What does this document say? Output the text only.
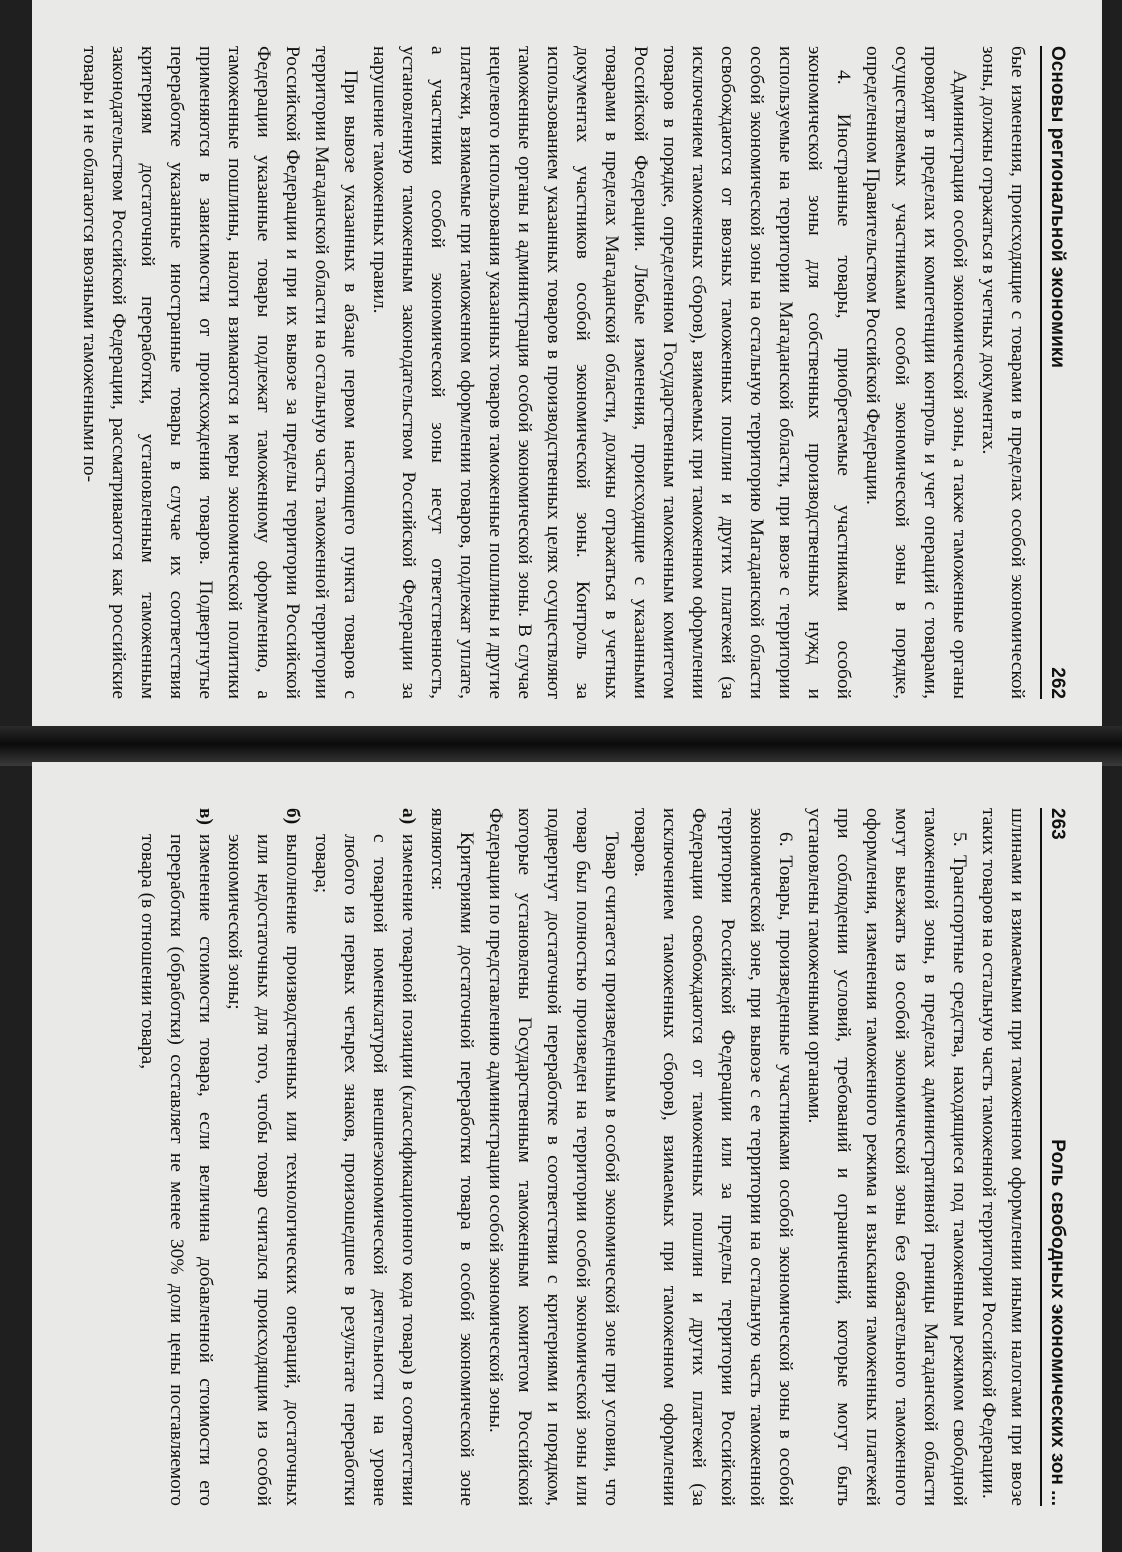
Основы региональной экономики
262

бые изменения, происходящие с товарами в пределах особой экономической зоны, должны отражаться в учетных документах.

Администрация особой экономической зоны, а также таможенные органы проводят в пределах их компетенции контроль и учет операций с товарами, осуществляемых участниками особой экономической зоны в порядке, определенном Правительством Российской Федерации.

4. Иностранные товары, приобретаемые участниками особой экономической зоны для собственных производственных нужд и используемые на территории Магаданской области, при ввозе с территории особой экономической зоны на остальную территорию Магаданской области освобождаются от ввозных таможенных пошлин и других платежей (за исключением таможенных сборов), взимаемых при таможенном оформлении товаров в порядке, определенном Государственным таможенным комитетом Российской Федерации. Любые изменения, происходящие с указанными товарами в пределах Магаданской области, должны отражаться в учетных документах участников особой экономической зоны. Контроль за использованием указанных товаров в производственных целях осуществляют таможенные органы и администрация особой экономической зоны. В случае нецелевого использования указанных товаров таможенные пошлины и другие платежи, взимаемые при таможенном оформлении товаров, подлежат уплате, а участники особой экономической зоны несут ответственность, установленную таможенным законодательством Российской Федерации за нарушение таможенных правил.

При вывозе указанных в абзаце первом настоящего пункта товаров с территории Магаданской области на остальную часть таможенной территории Российской Федерации и при их вывозе за пределы территории Российской Федерации указанные товары подлежат таможенному оформлению, а таможенные пошлины, налоги взимаются и меры экономической политики применяются в зависимости от происхождения товаров. Подвергнутые переработке указанные иностранные товары в случае их соответствия критериям достаточной переработки, установленным таможенным законодательством Российской Федерации, рассматриваются как российские товары и не облагаются ввозными таможенными по-

263
Роль свободных экономических зон ...

шлинами и взимаемыми при таможенном оформлении иными налогами при ввозе таких товаров на остальную часть таможенной территории Российской Федерации.

5. Транспортные средства, находящиеся под таможенным режимом свободной таможенной зоны, в пределах административной границы Магаданской области могут выезжать из особой экономической зоны без обязательного таможенного оформления, изменения таможенного режима и взыскания таможенных платежей при соблюдении условий, требований и ограничений, которые могут быть установлены таможенными органами.

6. Товары, произведенные участниками особой экономической зоны в особой экономической зоне, при вывозе с ее территории на остальную часть таможенной территории Российской Федерации или за пределы территории Российской Федерации освобождаются от таможенных пошлин и других платежей (за исключением таможенных сборов), взимаемых при таможенном оформлении товаров.

Товар считается произведенным в особой экономической зоне при условии, что товар был полностью произведен на территории особой экономической зоны или подвергнут достаточной переработке в соответствии с критериями и порядком, которые установлены Государственным таможенным комитетом Российской Федерации по представлению администрации особой экономической зоны.

Критериями достаточной переработки товара в особой экономической зоне являются:

а)
изменение товарной позиции (классификационного кода товара) в соответствии с товарной номенклатурой внешнеэкономической деятельности на уровне любого из первых четырех знаков, произошедшее в результате переработки товара;

б)
выполнение производственных или технологических операций, достаточных или недостаточных для того, чтобы товар считался происходящим из особой экономической зоны;

в)
изменение стоимости товара, если величина добавленной стоимости его переработки (обработки) составляет не менее 30% доли цены поставляемого товара (в отношении товара,
